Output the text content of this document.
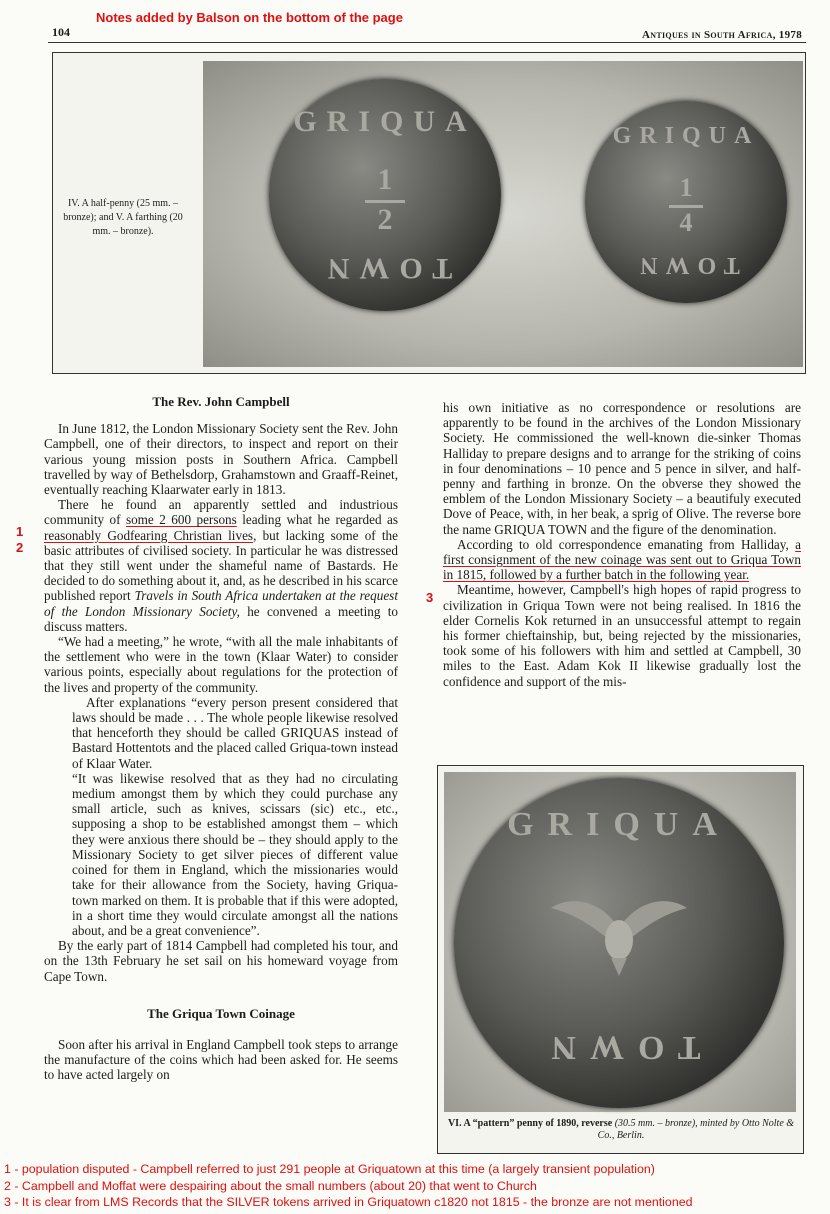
Notes added by Balson on the bottom of the page
104	Antiques in South Africa, 1978
IV. A half-penny (25 mm. – bronze); and V. A farthing (20 mm. – bronze).
GRIQUA
1
2
TOWN
GRIQUA
1
4
TOWN

The Rev. John Campbell

In June 1812, the London Missionary Society sent the Rev. John Campbell, one of their directors, to inspect and report on their various young mission posts in Southern Africa. Campbell travelled by way of Bethelsdorp, Grahamstown and Graaff-Reinet, eventually reaching Klaarwater early in 1813.

There he found an apparently settled and industrious community of some 2 600 persons leading what he regarded as reasonably Godfearing Christian lives, but lacking some of the basic attributes of civilised society. In particular he was distressed that they still went under the shameful name of Bastards. He decided to do something about it, and, as he described in his scarce published report Travels in South Africa undertaken at the request of the London Missionary Society, he convened a meeting to discuss matters.

“We had a meeting,” he wrote, “with all the male inhabitants of the settlement who were in the town (Klaar Water) to consider various points, especially about regulations for the protection of the lives and property of the community.

After explanations “every person present considered that laws should be made . . . The whole people likewise resolved that henceforth they should be called GRIQUAS instead of Bastard Hottentots and the placed called Griqua-town instead of Klaar Water.

“It was likewise resolved that as they had no circulating medium amongst them by which they could purchase any small article, such as knives, scissars (sic) etc., etc., supposing a shop to be established amongst them – which they were anxious there should be – they should apply to the Missionary Society to get silver pieces of different value coined for them in England, which the missionaries would take for their allowance from the Society, having Griqua-town marked on them. It is probable that if this were adopted, in a short time they would circulate amongst all the nations about, and be a great convenience”.

By the early part of 1814 Campbell had completed his tour, and on the 13th February he set sail on his homeward voyage from Cape Town.

The Griqua Town Coinage

Soon after his arrival in England Campbell took steps to arrange the manufacture of the coins which had been asked for. He seems to have acted largely on

1
2
3

his own initiative as no correspondence or resolutions are apparently to be found in the archives of the London Missionary Society. He commissioned the well-known die-sinker Thomas Halliday to prepare designs and to arrange for the striking of coins in four denominations – 10 pence and 5 pence in silver, and half-penny and farthing in bronze. On the obverse they showed the emblem of the London Missionary Society – a beautifuly executed Dove of Peace, with, in her beak, a sprig of Olive. The reverse bore the name GRIQUA TOWN and the figure of the denomination.

According to old correspondence emanating from Halliday, a first consignment of the new coinage was sent out to Griqua Town in 1815, followed by a further batch in the following year.

Meantime, however, Campbell's high hopes of rapid progress to civilization in Griqua Town were not being realised. In 1816 the elder Cornelis Kok returned in an unsuccessful attempt to regain his former chieftainship, but, being rejected by the missionaries, took some of his followers with him and settled at Campbell, 30 miles to the East. Adam Kok II likewise gradually lost the confidence and support of the mis-

GRIQUA
TOWN
VI. A “pattern” penny of 1890, reverse (30.5 mm. – bronze), minted by Otto Nolte & Co., Berlin.
1 - population disputed - Campbell referred to just 291 people at Griquatown at this time (a largely transient population)
2 - Campbell and Moffat were despairing about the small numbers (about 20) that went to Church
3 - It is clear from LMS Records that the SILVER tokens arrived in Griquatown c1820 not 1815 - the bronze are not mentioned
